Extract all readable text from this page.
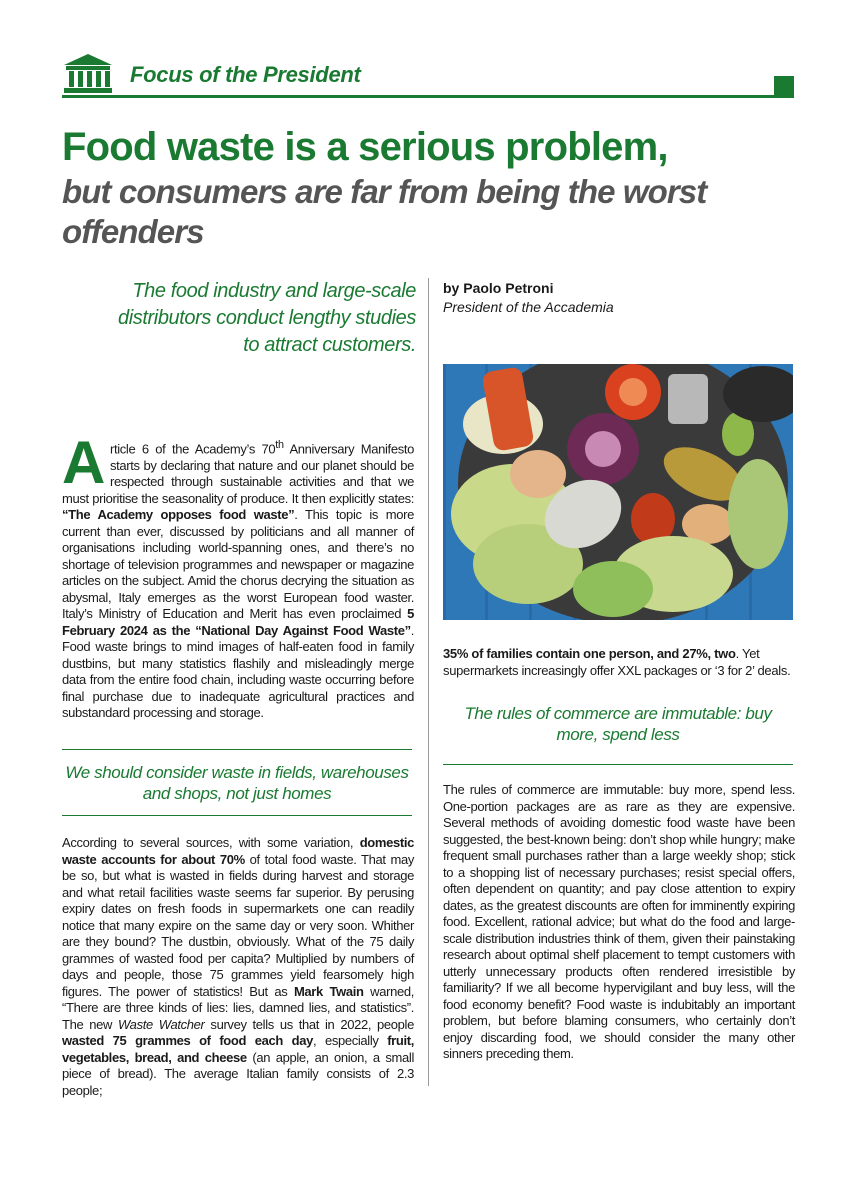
Focus of the President
Food waste is a serious problem,
but consumers are far from being the worst offenders
The food industry and large-scale distributors conduct lengthy studies to attract customers.
by Paolo Petroni
President of the Accademia
35% of families contain one person, and 27%, two. Yet supermarkets increasingly offer XXL packages or ‘3 for 2’ deals.
The rules of commerce are immutable: buy more, spend less
We should consider waste in fields, warehouses and shops, not just homes

Article 6 of the Academy’s 70th Anniversary Manifesto starts by declaring that nature and our planet should be respected through sustainable activities and that we must prioritise the seasonality of produce. It then explicitly states: “The Academy opposes food waste”. This topic is more current than ever, discussed by politicians and all manner of organisations including world-spanning ones, and there’s no shortage of television programmes and newspaper or magazine articles on the subject. Amid the chorus decrying the situation as abysmal, Italy emerges as the worst European food waster. Italy’s Ministry of Education and Merit has even proclaimed 5 February 2024 as the “National Day Against Food Waste”. Food waste brings to mind images of half-eaten food in family dustbins, but many statistics flashily and misleadingly merge data from the entire food chain, including waste occurring before final purchase due to inadequate agricultural practices and substandard processing and storage.

According to several sources, with some variation, domestic waste accounts for about 70% of total food waste. That may be so, but what is wasted in fields during harvest and storage and what retail facilities waste seems far superior. By perusing expiry dates on fresh foods in supermarkets one can readily notice that many expire on the same day or very soon. Whither are they bound? The dustbin, obviously. What of the 75 daily grammes of wasted food per capita? Multiplied by numbers of days and people, those 75 grammes yield fearsomely high figures. The power of statistics! But as Mark Twain warned, “There are three kinds of lies: lies, damned lies, and statistics”. The new Waste Watcher survey tells us that in 2022, people wasted 75 grammes of food each day, especially fruit, vegetables, bread, and cheese (an apple, an onion, a small piece of bread). The average Italian family consists of 2.3 people;

The rules of commerce are immutable: buy more, spend less. One-portion packages are as rare as they are expensive. Several methods of avoiding domestic food waste have been suggested, the best-known being: don’t shop while hungry; make frequent small purchases rather than a large weekly shop; stick to a shopping list of necessary purchases; resist special offers, often dependent on quantity; and pay close attention to expiry dates, as the greatest discounts are often for imminently expiring food. Excellent, rational advice; but what do the food and large-scale distribution industries think of them, given their painstaking research about optimal shelf placement to tempt customers with utterly unnecessary products often rendered irresistible by familiarity? If we all become hypervigilant and buy less, will the food economy benefit? Food waste is indubitably an important problem, but before blaming consumers, who certainly don’t enjoy discarding food, we should consider the many other sinners preceding them.
